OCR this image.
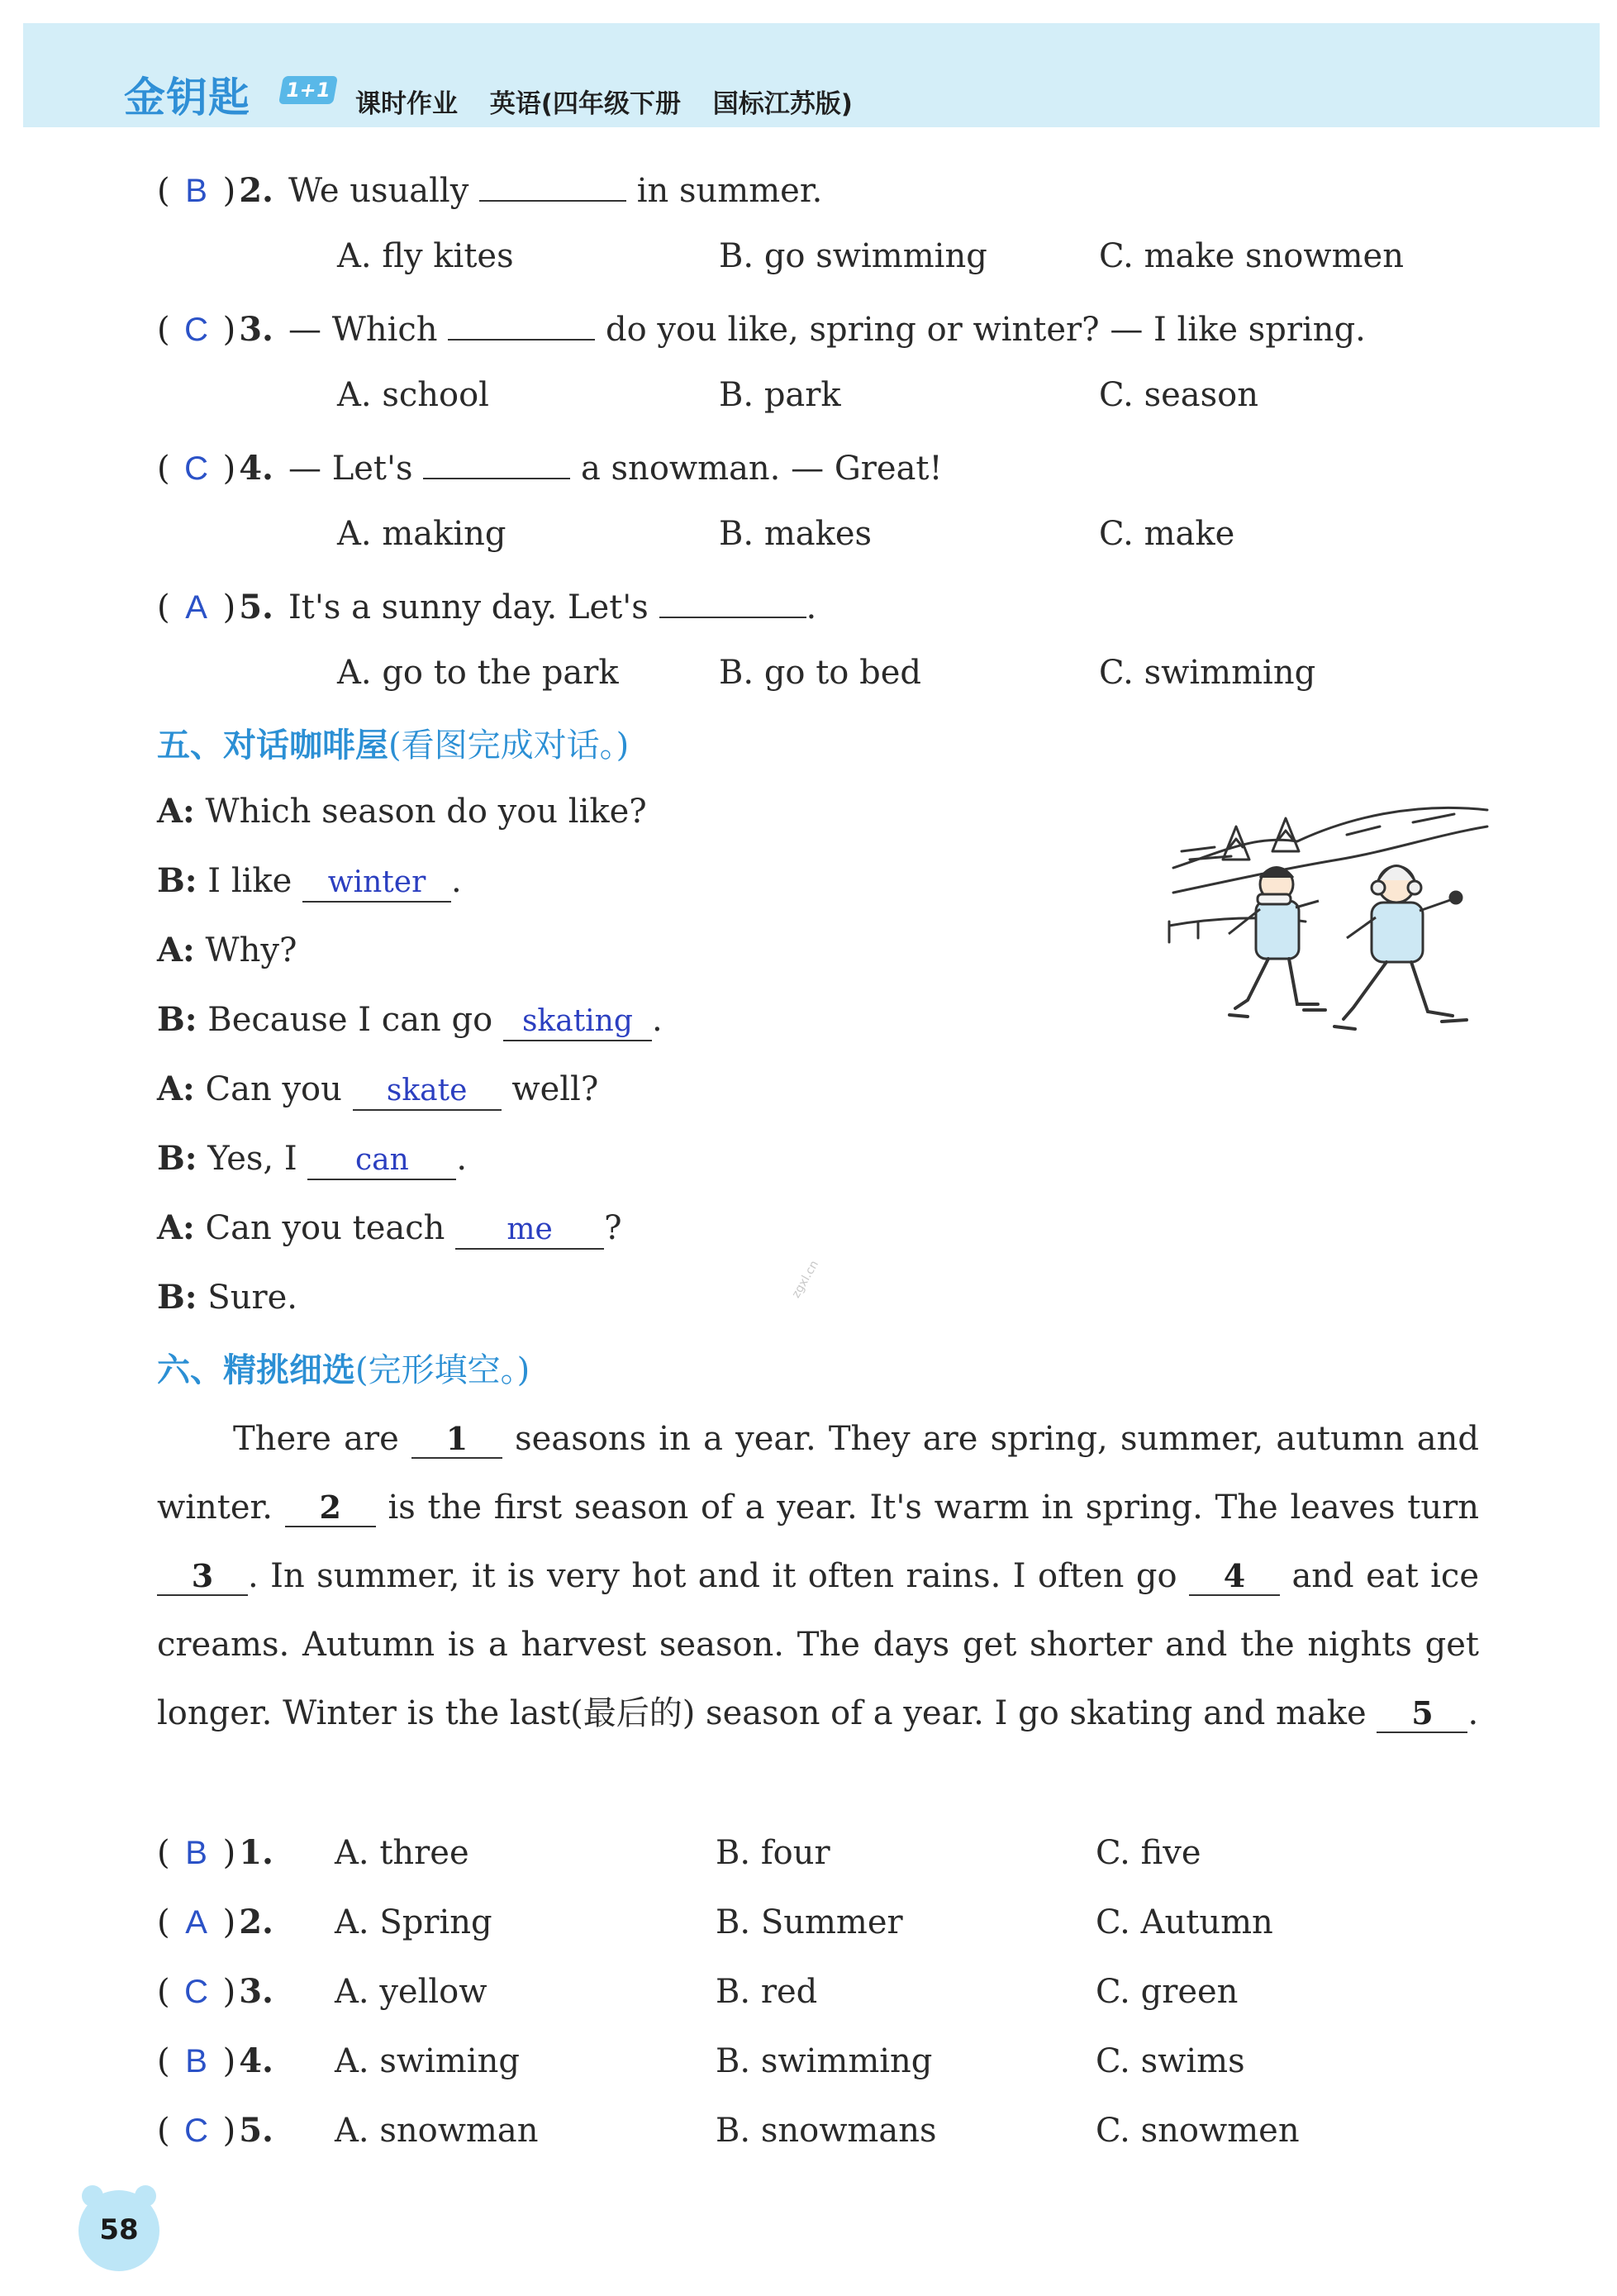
金钥匙 1+1 课时作业 英语(四年级下册 国标江苏版)
( B ) 2. We usually	in summer.
A. fly kites	B. go swimming	C. make snowmen
( C ) 3. — Which	do you like, spring or winter? — I like spring.
A. school	B. park	C. season
( C ) 4. — Let's	a snowman. — Great!
A. making	B. makes	C. make
( A ) 5. It's a sunny day. Let's	.
A. go to the park	B. go to bed	C. swimming
五、对话咖啡屋(看图完成对话。)
A: Which season do you like?
B: I like winter .
A: Why?
B: Because I can go skating .
A: Can you skate well?
B: Yes, I can .
A: Can you teach me ?
B: Sure.	zgxl.cn
六、精挑细选(完形填空。)
There are 1 seasons in a year. They are spring, summer, autumn and winter. 2 is the first season of a year. It's warm in spring. The leaves turn 3 . In summer, it is very hot and it often rains. I often go 4 and eat ice creams. Autumn is a harvest season. The days get shorter and the nights get longer. Winter is the last(最后的) season of a year. I go skating and make 5 .
( B ) 1.	A. three	B. four	C. five
( A ) 2.	A. Spring	B. Summer	C. Autumn
( C ) 3.	A. yellow	B. red	C. green
( B ) 4.	A. swiming	B. swimming	C. swims
( C ) 5.	A. snowman	B. snowmans	C. snowmen
58
